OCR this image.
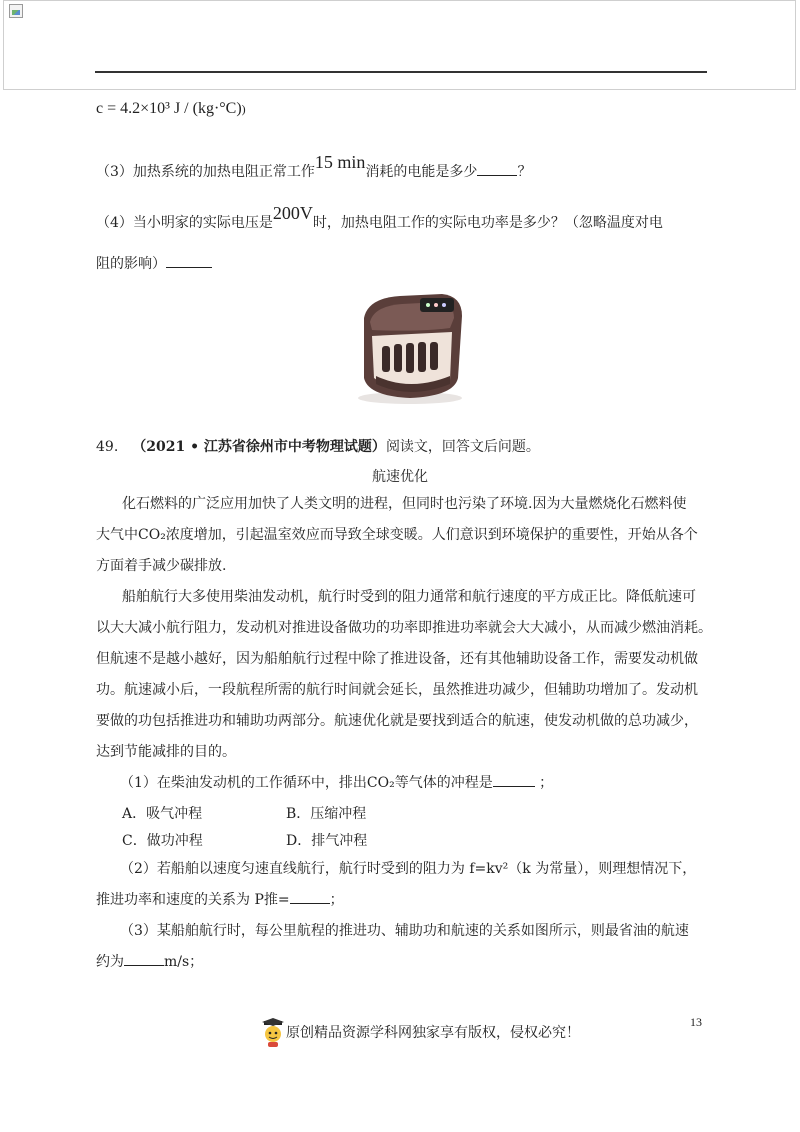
c = 4.2×10³ J / (kg·°C))
（3）加热系统的加热电阻正常工作15 min消耗的电能是多少	？
（4）当小明家的实际电压是200V时，加热电阻工作的实际电功率是多少？（忽略温度对电
阻的影响）
49. （2021 • 江苏省徐州市中考物理试题）阅读文，回答文后问题。
航速优化
化石燃料的广泛应用加快了人类文明的进程，但同时也污染了环境.因为大量燃烧化石燃料使
大气中CO₂浓度增加，引起温室效应而导致全球变暖。人们意识到环境保护的重要性，开始从各个
方面着手减少碳排放.
船舶航行大多使用柴油发动机，航行时受到的阻力通常和航行速度的平方成正比。降低航速可
以大大减小航行阻力，发动机对推进设备做功的功率即推进功率就会大大减小，从而减少燃油消耗。
但航速不是越小越好，因为船舶航行过程中除了推进设备，还有其他辅助设备工作，需要发动机做
功。航速减小后，一段航程所需的航行时间就会延长，虽然推进功减少，但辅助功增加了。发动机
要做的功包括推进功和辅助功两部分。航速优化就是要找到适合的航速，使发动机做的总功减少，
达到节能减排的目的。
（1）在柴油发动机的工作循环中，排出CO₂等气体的冲程是	；
A．吸气冲程	B．压缩冲程
C．做功冲程	D．排气冲程
（2）若船舶以速度匀速直线航行，航行时受到的阻力为 f=kv²（k 为常量），则理想情况下，
推进功率和速度的关系为 P推=	；
（3）某船舶航行时，每公里航程的推进功、辅助功和航速的关系如图所示，则最省油的航速
约为	m/s；
13
原创精品资源学科网独家享有版权，侵权必究！
